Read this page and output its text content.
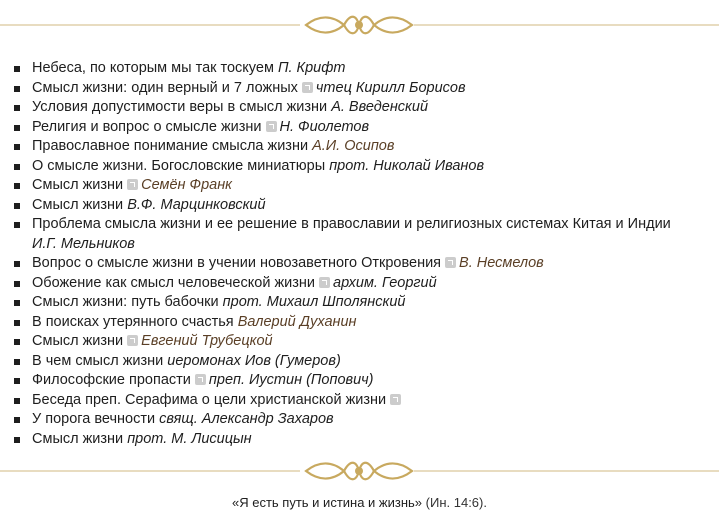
Небеса, по которым мы так тоскуем П. Крифт
Смысл жизни: один верный и 7 ложных чтец Кирилл Борисов
Условия допустимости веры в смысл жизни А. Введенский
Религия и вопрос о смысле жизни Н. Фиолетов
Православное понимание смысла жизни А.И. Осипов
О смысле жизни. Богословские миниатюры прот. Николай Иванов
Смысл жизни Семён Франк
Смысл жизни В.Ф. Марцинковский
Проблема смысла жизни и ее решение в православии и религиозных системах Китая и Индии И.Г. Мельников
Вопрос о смысле жизни в учении новозаветного Откровения В. Несмелов
Обожение как смысл человеческой жизни архим. Георгий
Смысл жизни: путь бабочки прот. Михаил Шполянский
В поисках утерянного счастья Валерий Духанин
Смысл жизни Евгений Трубецкой
В чем смысл жизни иеромонах Иов (Гумеров)
Философские пропасти преп. Иустин (Попович)
Беседа преп. Серафима о цели христианской жизни
У порога вечности свящ. Александр Захаров
Смысл жизни прот. М. Лисицын
«Я есть путь и истина и жизнь» (Ин. 14:6).
